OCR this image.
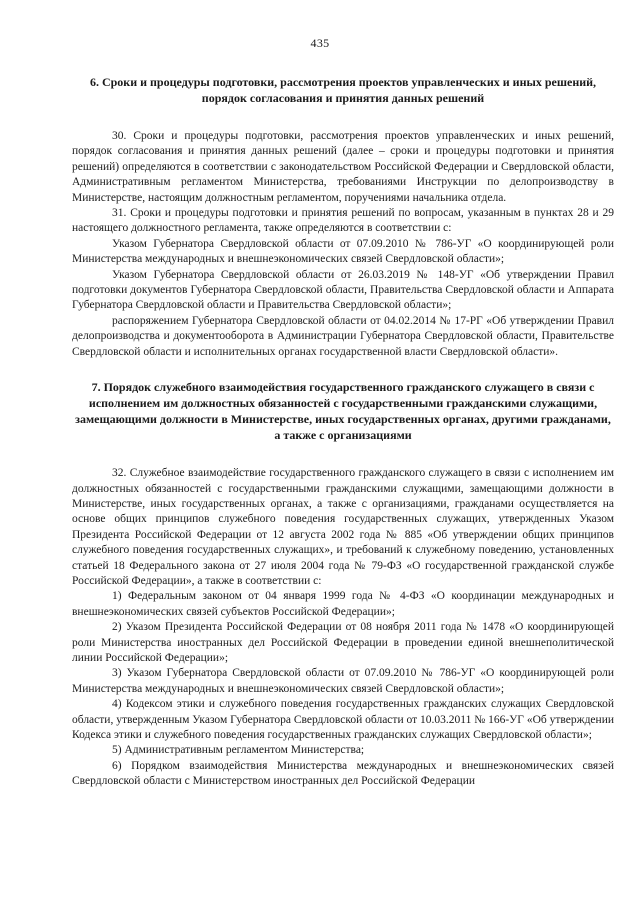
435
6. Сроки и процедуры подготовки, рассмотрения проектов управленческих и иных решений, порядок согласования и принятия данных решений

30. Сроки и процедуры подготовки, рассмотрения проектов управленческих и иных решений, порядок согласования и принятия данных решений (далее – сроки и процедуры подготовки и принятия решений) определяются в соответствии с законодательством Российской Федерации и Свердловской области, Административным регламентом Министерства, требованиями Инструкции по делопроизводству в Министерстве, настоящим должностным регламентом, поручениями начальника отдела.

31. Сроки и процедуры подготовки и принятия решений по вопросам, указанным в пунктах 28 и 29 настоящего должностного регламента, также определяются в соответствии с:

Указом Губернатора Свердловской области от 07.09.2010 № 786-УГ «О координирующей роли Министерства международных и внешнеэкономических связей Свердловской области»;

Указом Губернатора Свердловской области от 26.03.2019 № 148-УГ «Об утверждении Правил подготовки документов Губернатора Свердловской области, Правительства Свердловской области и Аппарата Губернатора Свердловской области и Правительства Свердловской области»;

распоряжением Губернатора Свердловской области от 04.02.2014 № 17-РГ «Об утверждении Правил делопроизводства и документооборота в Администрации Губернатора Свердловской области, Правительстве Свердловской области и исполнительных органах государственной власти Свердловской области».

7. Порядок служебного взаимодействия государственного гражданского служащего в связи с исполнением им должностных обязанностей с государственными гражданскими служащими, замещающими должности в Министерстве, иных государственных органах, другими гражданами, а также с организациями

32. Служебное взаимодействие государственного гражданского служащего в связи с исполнением им должностных обязанностей с государственными гражданскими служащими, замещающими должности в Министерстве, иных государственных органах, а также с организациями, гражданами осуществляется на основе общих принципов служебного поведения государственных служащих, утвержденных Указом Президента Российской Федерации от 12 августа 2002 года № 885 «Об утверждении общих принципов служебного поведения государственных служащих», и требований к служебному поведению, установленных статьей 18 Федерального закона от 27 июля 2004 года № 79-ФЗ «О государственной гражданской службе Российской Федерации», а также в соответствии с:

1) Федеральным законом от 04 января 1999 года № 4-ФЗ «О координации международных и внешнеэкономических связей субъектов Российской Федерации»;

2) Указом Президента Российской Федерации от 08 ноября 2011 года № 1478 «О координирующей роли Министерства иностранных дел Российской Федерации в проведении единой внешнеполитической линии Российской Федерации»;

3) Указом Губернатора Свердловской области от 07.09.2010 № 786-УГ «О координирующей роли Министерства международных и внешнеэкономических связей Свердловской области»;

4) Кодексом этики и служебного поведения государственных гражданских служащих Свердловской области, утвержденным Указом Губернатора Свердловской области от 10.03.2011 № 166-УГ «Об утверждении Кодекса этики и служебного поведения государственных гражданских служащих Свердловской области»;

5) Административным регламентом Министерства;

6) Порядком взаимодействия Министерства международных и внешнеэкономических связей Свердловской области с Министерством иностранных дел Российской Федерации
